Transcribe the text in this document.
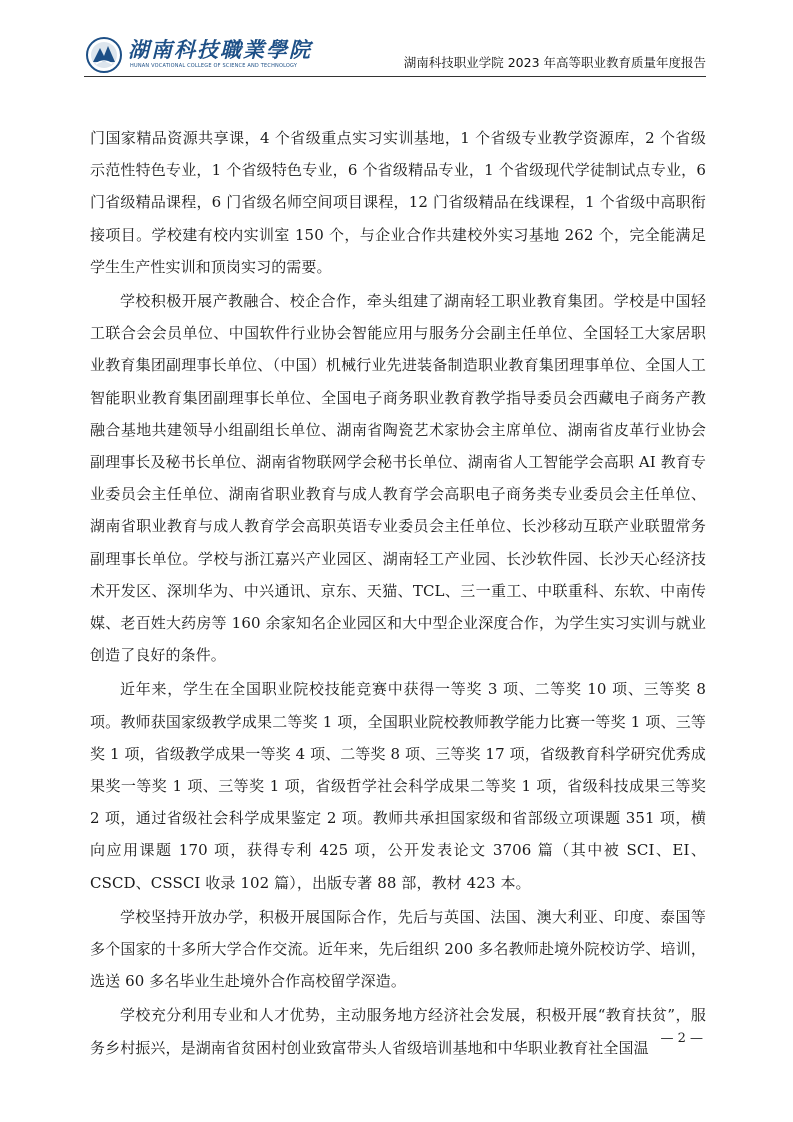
湖南科技職業學院
HUNAN VOCATIONAL COLLEGE OF SCIENCE AND TECHNOLOGY	湖南科技职业学院 2023 年高等职业教育质量年度报告

门国家精品资源共享课，4 个省级重点实习实训基地，1 个省级专业教学资源库，2 个省级示范性特色专业，1 个省级特色专业，6 个省级精品专业，1 个省级现代学徒制试点专业，6 门省级精品课程，6 门省级名师空间项目课程，12 门省级精品在线课程，1 个省级中高职衔接项目。学校建有校内实训室 150 个，与企业合作共建校外实习基地 262 个，完全能满足学生生产性实训和顶岗实习的需要。

学校积极开展产教融合、校企合作，牵头组建了湖南轻工职业教育集团。学校是中国轻工联合会会员单位、中国软件行业协会智能应用与服务分会副主任单位、全国轻工大家居职业教育集团副理事长单位、（中国）机械行业先进装备制造职业教育集团理事单位、全国人工智能职业教育集团副理事长单位、全国电子商务职业教育教学指导委员会西藏电子商务产教融合基地共建领导小组副组长单位、湖南省陶瓷艺术家协会主席单位、湖南省皮革行业协会副理事长及秘书长单位、湖南省物联网学会秘书长单位、湖南省人工智能学会高职 AI 教育专业委员会主任单位、湖南省职业教育与成人教育学会高职电子商务类专业委员会主任单位、湖南省职业教育与成人教育学会高职英语专业委员会主任单位、长沙移动互联产业联盟常务副理事长单位。学校与浙江嘉兴产业园区、湖南轻工产业园、长沙软件园、长沙天心经济技术开发区、深圳华为、中兴通讯、京东、天猫、TCL、三一重工、中联重科、东软、中南传媒、老百姓大药房等 160 余家知名企业园区和大中型企业深度合作，为学生实习实训与就业创造了良好的条件。

近年来，学生在全国职业院校技能竞赛中获得一等奖 3 项、二等奖 10 项、三等奖 8 项。教师获国家级教学成果二等奖 1 项，全国职业院校教师教学能力比赛一等奖 1 项、三等奖 1 项，省级教学成果一等奖 4 项、二等奖 8 项、三等奖 17 项，省级教育科学研究优秀成果奖一等奖 1 项、三等奖 1 项，省级哲学社会科学成果二等奖 1 项，省级科技成果三等奖 2 项，通过省级社会科学成果鉴定 2 项。教师共承担国家级和省部级立项课题 351 项，横向应用课题 170 项，获得专利 425 项，公开发表论文 3706 篇（其中被 SCI、EI、CSCD、CSSCI 收录 102 篇），出版专著 88 部，教材 423 本。

学校坚持开放办学，积极开展国际合作，先后与英国、法国、澳大利亚、印度、泰国等多个国家的十多所大学合作交流。近年来，先后组织 200 多名教师赴境外院校访学、培训，选送 60 多名毕业生赴境外合作高校留学深造。

学校充分利用专业和人才优势，主动服务地方经济社会发展，积极开展“教育扶贫”，服务乡村振兴，是湖南省贫困村创业致富带头人省级培训基地和中华职业教育社全国温

— 2 —
